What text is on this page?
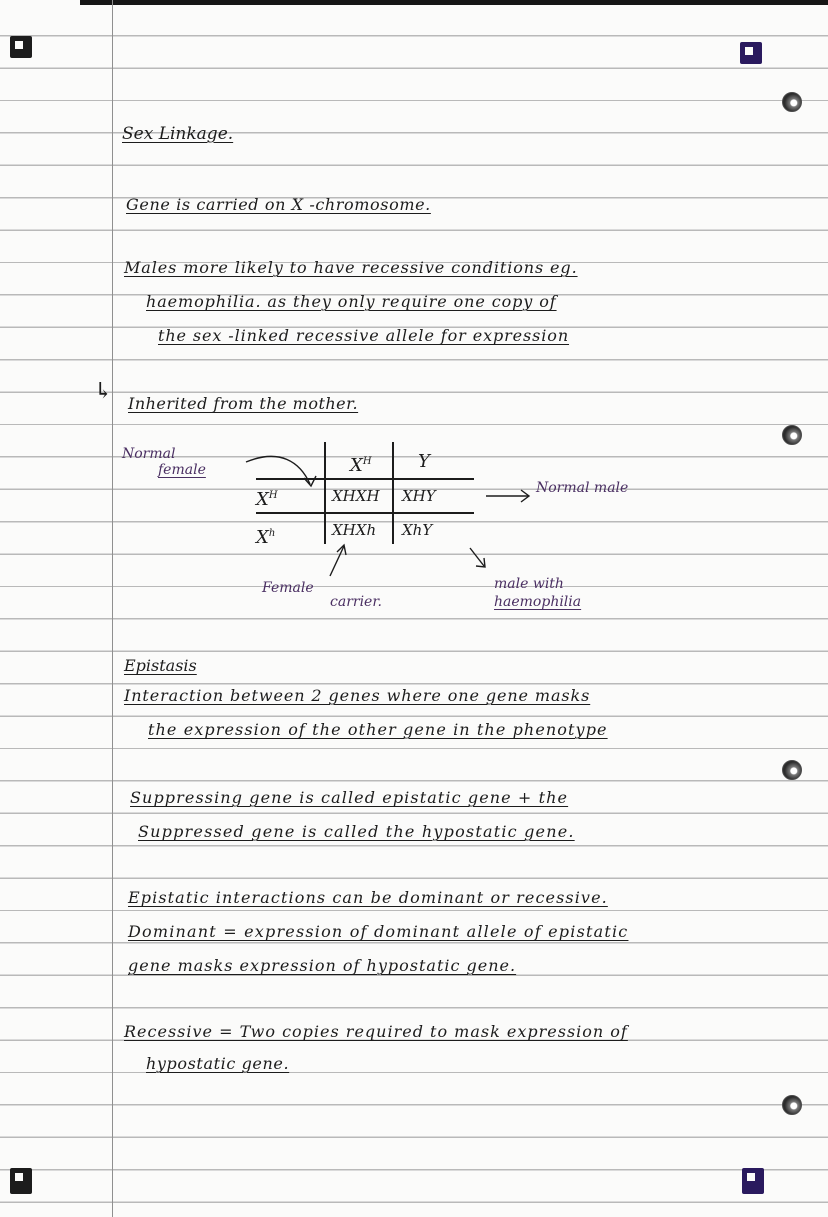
Sex Linkage.
Gene is carried on X -chromosome.
Males more likely to have recessive conditions eg.
haemophilia. as they only require one copy of
the sex -linked recessive allele for expression
↳ Inherited from the mother.
Normal
female	$X^H$	Y
$X^H$
$X^h$
XHXH XHY
XHXh XhY
Normal male
Female
carrier.
male with
haemophilia
Epistasis
Interaction between 2 genes where one gene masks
the expression of the other gene in the phenotype
Suppressing gene is called epistatic gene + the
Suppressed gene is called the hypostatic gene.
Epistatic interactions can be dominant or recessive.
Dominant = expression of dominant allele of epistatic
gene masks expression of hypostatic gene.
Recessive = Two copies required to mask expression of
hypostatic gene.
